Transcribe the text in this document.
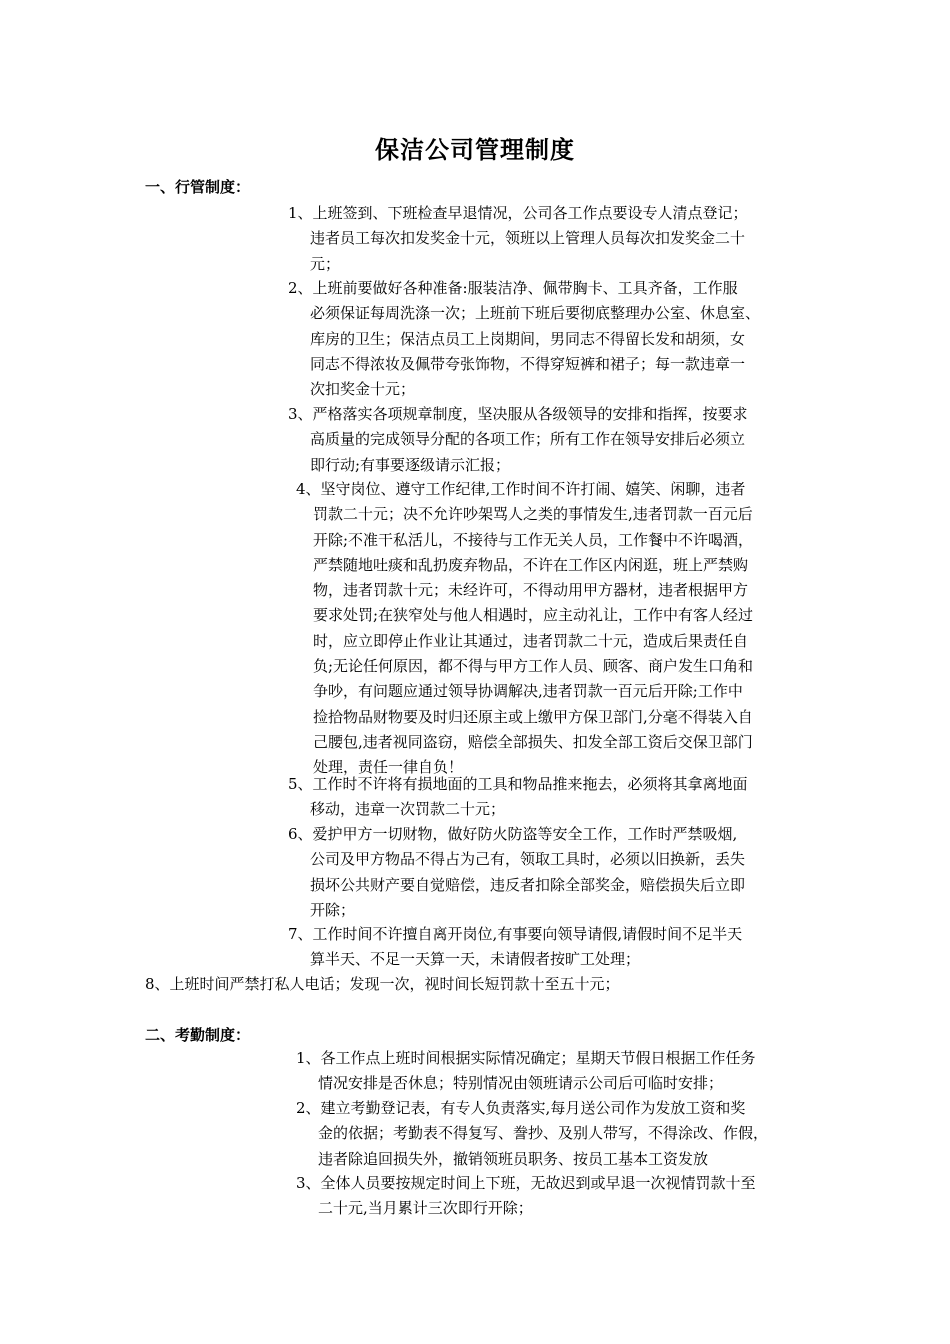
保洁公司管理制度
一、行管制度：
1、上班签到、下班检查早退情况，公司各工作点要设专人清点登记；
违者员工每次扣发奖金十元，领班以上管理人员每次扣发奖金二十
元；
2、上班前要做好各种准备:服装洁净、佩带胸卡、工具齐备，工作服
必须保证每周洗涤一次；上班前下班后要彻底整理办公室、休息室、
库房的卫生；保洁点员工上岗期间，男同志不得留长发和胡须，女
同志不得浓妆及佩带夸张饰物，不得穿短裤和裙子；每一款违章一
次扣奖金十元；
3、严格落实各项规章制度，坚决服从各级领导的安排和指挥，按要求
高质量的完成领导分配的各项工作；所有工作在领导安排后必须立
即行动;有事要逐级请示汇报；
4、坚守岗位、遵守工作纪律,工作时间不许打闹、嬉笑、闲聊，违者
罚款二十元；决不允许吵架骂人之类的事情发生,违者罚款一百元后
开除;不准干私活儿，不接待与工作无关人员，工作餐中不许喝酒，
严禁随地吐痰和乱扔废弃物品，不许在工作区内闲逛，班上严禁购
物，违者罚款十元；未经许可，不得动用甲方器材，违者根据甲方
要求处罚;在狭窄处与他人相遇时，应主动礼让，工作中有客人经过
时，应立即停止作业让其通过，违者罚款二十元，造成后果责任自
负;无论任何原因，都不得与甲方工作人员、顾客、商户发生口角和
争吵，有问题应通过领导协调解决,违者罚款一百元后开除;工作中
捡拾物品财物要及时归还原主或上缴甲方保卫部门,分毫不得装入自
己腰包,违者视同盗窃，赔偿全部损失、扣发全部工资后交保卫部门
处理，责任一律自负！
5、工作时不许将有损地面的工具和物品推来拖去，必须将其拿离地面
移动，违章一次罚款二十元；
6、爱护甲方一切财物，做好防火防盗等安全工作，工作时严禁吸烟,
公司及甲方物品不得占为己有，领取工具时，必须以旧换新，丢失
损坏公共财产要自觉赔偿，违反者扣除全部奖金，赔偿损失后立即
开除；
7、工作时间不许擅自离开岗位,有事要向领导请假,请假时间不足半天
算半天、不足一天算一天，未请假者按旷工处理；
8、上班时间严禁打私人电话；发现一次，视时间长短罚款十至五十元；
二、考勤制度：
1、各工作点上班时间根据实际情况确定；星期天节假日根据工作任务
情况安排是否休息；特别情况由领班请示公司后可临时安排；
2、建立考勤登记表，有专人负责落实,每月送公司作为发放工资和奖
金的依据；考勤表不得复写、誊抄、及别人带写，不得涂改、作假，
违者除追回损失外，撤销领班员职务、按员工基本工资发放
3、全体人员要按规定时间上下班，无故迟到或早退一次视情罚款十至
二十元,当月累计三次即行开除；
